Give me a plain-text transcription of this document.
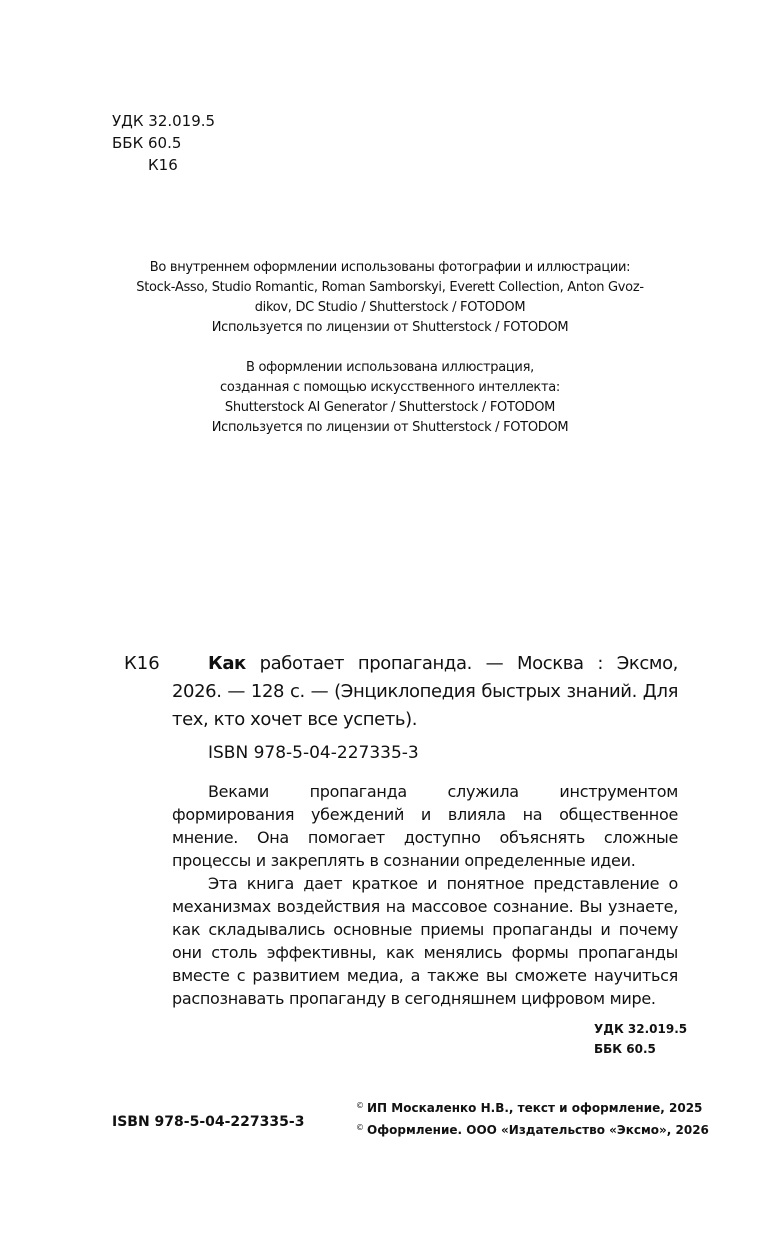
УДК 32.019.5
ББК 60.5
К16
Во внутреннем оформлении использованы фотографии и иллюстрации:
Stock-Asso, Studio Romantic, Roman Samborskyi, Everett Collection, Anton Gvoz-
dikov, DC Studio / Shutterstock / FOTODOM
Используется по лицензии от Shutterstock / FOTODOM
В оформлении использована иллюстрация,
созданная с помощью искусственного интеллекта:
Shutterstock AI Generator / Shutterstock / FOTODOM
Используется по лицензии от Shutterstock / FOTODOM
К16	Как работает пропаганда. — Москва : Эксмо, 2026. — 128 с. — (Энциклопедия быстрых знаний. Для тех, кто хочет все успеть).
ISBN 978-5-04-227335-3
Веками пропаганда служила инструментом формирования убеждений и влияла на общественное мнение. Она помогает доступно объяснять сложные процессы и закреплять в сознании определенные идеи.
Эта книга дает краткое и понятное представление о механизмах воздействия на массовое сознание. Вы узнаете, как складывались основные приемы пропаганды и почему они столь эффективны, как менялись формы пропаганды вместе с развитием медиа, а также вы сможете научиться распознавать пропаганду в сегодняшнем цифровом мире.
УДК 32.019.5
ББК 60.5
ISBN 978-5-04-227335-3
© ИП Москаленко Н.В., текст и оформление, 2025
© Оформление. ООО «Издательство «Эксмо», 2026
